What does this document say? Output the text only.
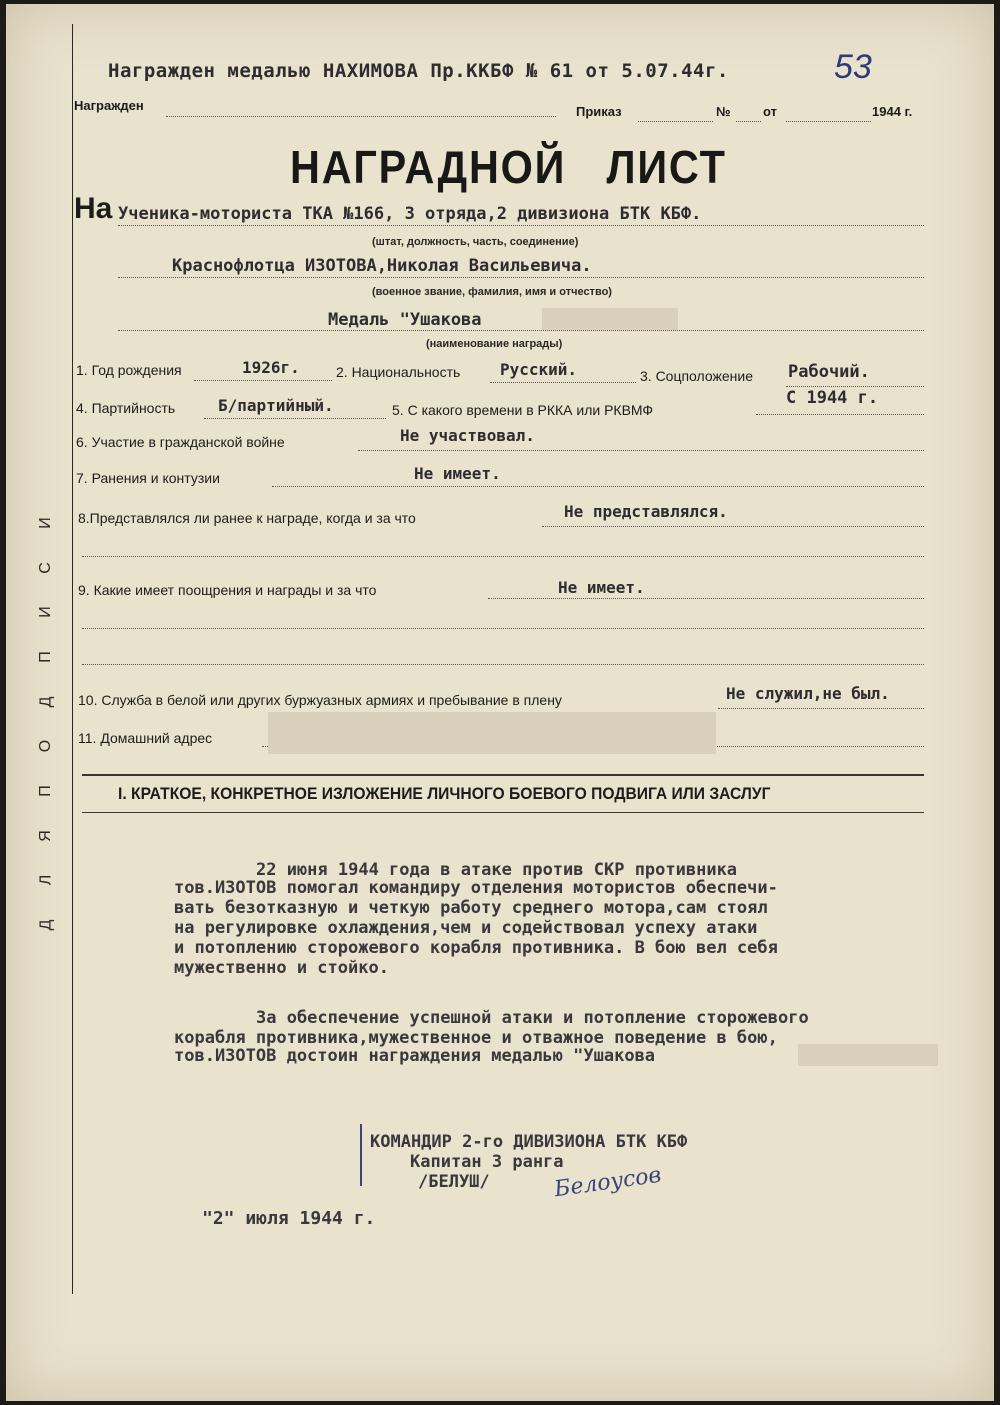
И
С
И
П
Д
О
П
Я
Л
Д
Награжден медалью НАХИМОВА Пр.ККБФ № 61 от 5.07.44г.	53
Награжден	Приказ	№	от	1944 г.
НАГРАДНОЙ ЛИСТ
На Ученика-моториста ТКА №166, 3 отряда,2 дивизиона БТК КБФ.
(штат, должность, часть, соединение)
Краснофлотца ИЗОТОВА,Николая Васильевича.
(военное звание, фамилия, имя и отчество)
Медаль "Ушакова
(наименование награды)
1. Год рождения	1926г.	2. Национальность Русский.	3. Соцположение Рабочий.
4. Партийность	Б/партийный.	5. С какого времени в РККА или РКВМФ
С 1944 г.
6. Участие в гражданской войне	Не участвовал.
7. Ранения и контузии	Не имеет.
8.Представлялся ли ранее к награде, когда и за что	Не представлялся.
9. Какие имеет поощрения и награды и за что	Не имеет.
10. Служба в белой или других буржуазных армиях и пребывание в плену	Не служил,не был.
11. Домашний адрес
I. КРАТКОЕ, КОНКРЕТНОЕ ИЗЛОЖЕНИЕ ЛИЧНОГО БОЕВОГО ПОДВИГА ИЛИ ЗАСЛУГ
22 июня 1944 года в атаке против СКР противника
тов.ИЗОТОВ помогал командиру отделения мотористов обеспечи-
вать безотказную и четкую работу среднего мотора,сам стоял
на регулировке охлаждения,чем и содействовал успеху атаки
и потоплению сторожевого корабля противника. В бою вел себя
мужественно и стойко.
За обеспечение успешной атаки и потопление сторожевого
корабля противника,мужественное и отважное поведение в бою,
тов.ИЗОТОВ достоин награждения медалью "Ушакова
КОМАНДИР 2-го ДИВИЗИОНА БТК КБФ
Капитан 3 ранга
/БЕЛУШ/	Белоусов
"2" июля 1944 г.
